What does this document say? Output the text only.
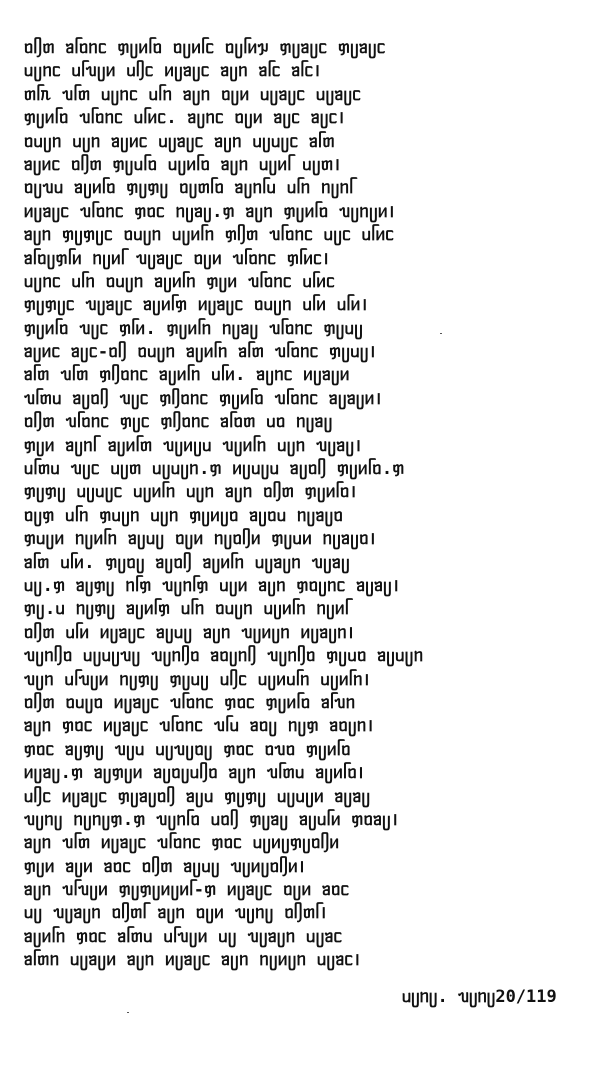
ᥝᥦᥖ ᥑᥬᥝᥒᥴ ᥞᥩᥢᥬᥝ ᥝᥩᥢᥬᥴ ᥝᥩᥬᥢᥭ ᥞᥩᥑᥩᥴ ᥞᥩᥑᥩᥴ
ᥙᥩᥒᥴ ᥙᥬᥔᥩᥢ ᥙᥦᥴ ᥢᥩᥑᥩᥴ ᥑᥩᥒ ᥑᥬᥴ ᥑᥬᥴ।
ᥖᥬᥰ ᥔᥬᥖ ᥙᥩᥒᥴ ᥙᥬᥒ ᥑᥩᥒ ᥝᥩᥢ ᥙᥩᥑᥩᥴ ᥙᥩᥑᥩᥴ
ᥞᥩᥢᥬᥝ ᥔᥬᥝᥒᥴ ᥙᥬᥢᥴ. ᥑᥩᥒᥴ ᥝᥩᥢ ᥑᥩᥴ ᥑᥩᥴ।
ᥝᥙᥩᥒ ᥙᥩᥒ ᥑᥩᥢᥴ ᥙᥩᥑᥩᥴ ᥑᥩᥒ ᥙᥩᥙᥩᥴ ᥑᥬᥖ
ᥑᥩᥢᥴ ᥝᥦᥖ ᥞᥩᥙᥬᥝ ᥙᥩᥢᥬᥝ ᥑᥩᥒ ᥙᥩᥢᥬ ᥙᥩᥖ।
ᥝᥩᥔᥙ ᥑᥩᥢᥬᥝ ᥞᥩᥞᥩ ᥝᥩᥖᥬᥝ ᥑᥩᥒᥬᥙ ᥙᥬᥒ ᥒᥩᥒᥬ
ᥢᥩᥑᥩᥴ ᥔᥬᥝᥒᥴ ᥞᥝᥴ ᥒᥩᥑᥩ.ᥞ ᥑᥩᥒ ᥞᥩᥢᥬᥝ ᥔᥩᥒᥩᥢ।
ᥑᥩᥒ ᥞᥩᥞᥩᥴ ᥝᥙᥩᥒ ᥙᥩᥢᥬᥒ ᥞᥦᥖ ᥔᥬᥝᥒᥴ ᥙᥩᥴ ᥙᥬᥢᥴ
ᥑᥬᥝᥩᥞᥬᥢ ᥒᥩᥢᥬ ᥔᥩᥑᥩᥴ ᥝᥩᥢ ᥔᥬᥝᥒᥴ ᥞᥬᥢᥴ।
ᥙᥩᥒᥴ ᥙᥬᥒ ᥝᥙᥩᥒ ᥑᥩᥢᥬᥒ ᥞᥩᥢ ᥔᥬᥝᥒᥴ ᥙᥬᥢᥴ
ᥞᥩᥞᥩᥴ ᥔᥩᥑᥩᥴ ᥑᥩᥢᥬᥞ ᥢᥩᥑᥩᥴ ᥝᥙᥩᥒ ᥙᥬᥢ ᥙᥬᥢ।
ᥞᥩᥢᥬᥝ ᥔᥩᥴ ᥞᥬᥢ. ᥞᥩᥢᥬᥒ ᥒᥩᥑᥩ ᥔᥬᥝᥒᥴ ᥞᥩᥙᥩ
ᥑᥩᥢᥴ ᥑᥩᥴ-ᥝᥦ ᥝᥙᥩᥒ ᥑᥩᥢᥬᥒ ᥑᥬᥖ ᥔᥬᥝᥒᥴ ᥞᥩᥙᥩ।
ᥑᥬᥖ ᥔᥬᥖ ᥞᥦᥝᥒᥴ ᥑᥩᥢᥬᥒ ᥙᥬᥢ. ᥑᥩᥒᥴ ᥢᥩᥑᥩᥢ
ᥔᥬᥖᥙ ᥑᥩᥝᥦ ᥔᥩᥴ ᥞᥦᥝᥒᥴ ᥞᥩᥢᥬᥝ ᥔᥬᥝᥒᥴ ᥑᥩᥑᥩᥢ।
ᥝᥦᥖ ᥔᥬᥝᥒᥴ ᥞᥩᥴ ᥞᥦᥝᥒᥴ ᥑᥬᥝᥖ ᥙᥝ ᥒᥩᥑᥩ
ᥞᥩᥢ ᥑᥩᥒᥬ ᥑᥩᥢᥬᥖ ᥔᥩᥢᥩᥙ ᥔᥩᥢᥬᥒ ᥙᥩᥒ ᥔᥩᥑᥩ।
ᥙᥬᥖᥙ ᥔᥩᥴ ᥙᥩᥖ ᥙᥩᥙᥩᥒ.ᥞ ᥢᥩᥙᥩᥙ ᥑᥩᥝᥦ ᥞᥩᥢᥬᥝ.ᥞ
ᥞᥩᥞᥩ ᥙᥩᥙᥩᥴ ᥙᥩᥢᥬᥒ ᥙᥩᥒ ᥑᥩᥒ ᥝᥦᥖ ᥞᥩᥢᥬᥝ।
ᥝᥩᥞ ᥙᥬᥒ ᥞᥙᥩᥒ ᥙᥩᥒ ᥞᥩᥢᥩᥝ ᥑᥩᥝᥙ ᥒᥩᥑᥩᥝ
ᥞᥙᥩᥢ ᥒᥩᥢᥬᥒ ᥑᥩᥙᥩ ᥝᥩᥢ ᥒᥩᥝᥦᥢ ᥞᥩᥙᥢ ᥒᥩᥑᥩᥝ।
ᥑᥬᥖ ᥙᥬᥢ. ᥞᥩᥝᥩ ᥑᥩᥝᥦ ᥑᥩᥢᥬᥒ ᥙᥩᥑᥩᥒ ᥔᥩᥑᥩ
ᥙᥩ.ᥞ ᥑᥩᥞᥩ ᥒᥬᥞ ᥔᥩᥒᥬᥞ ᥙᥩᥢ ᥑᥩᥒ ᥞᥝᥩᥒᥴ ᥑᥩᥑᥩ।
ᥞᥩ.ᥙ ᥒᥩᥞᥩ ᥑᥩᥢᥬᥞ ᥙᥬᥒ ᥝᥙᥩᥒ ᥙᥩᥢᥬᥒ ᥒᥩᥢᥬ
ᥝᥦᥖ ᥙᥬᥢ ᥢᥩᥑᥩᥴ ᥑᥩᥙᥩ ᥑᥩᥒ ᥔᥩᥢᥩᥒ ᥢᥩᥑᥩᥒ।
ᥔᥩᥒᥦᥝ ᥙᥩᥙᥩᥔᥩ ᥔᥩᥒᥦᥝ ᥑᥝᥩᥒᥦ ᥔᥩᥒᥦᥝ ᥞᥩᥙᥝ ᥑᥩᥙᥩᥒ
ᥔᥩᥒ ᥙᥬᥔᥩᥢ ᥒᥩᥞᥩ ᥞᥩᥙᥩ ᥙᥦᥴ ᥙᥩᥢᥙᥬᥒ ᥙᥩᥢᥬᥒ।
ᥝᥦᥖ ᥝᥙᥩᥝ ᥢᥩᥑᥩᥴ ᥔᥬᥝᥒᥴ ᥞᥝᥴ ᥞᥩᥢᥬᥝ ᥑᥬᥔᥒ
ᥑᥩᥒ ᥞᥝᥴ ᥢᥩᥑᥩᥴ ᥔᥬᥝᥒᥴ ᥔᥬᥙ ᥑᥝᥩ ᥒᥩᥞ ᥑᥝᥩᥒ।
ᥞᥝᥴ ᥑᥩᥞᥩ ᥔᥩᥙ ᥙᥩᥔᥩᥝᥩ ᥞᥝᥴ ᥝᥔᥝ ᥞᥩᥢᥬᥝ
ᥢᥩᥑᥩ.ᥞ ᥑᥩᥞᥩᥢ ᥑᥩᥝᥩᥙᥦᥝ ᥑᥩᥒ ᥔᥬᥖᥙ ᥑᥩᥢᥬᥝ।
ᥙᥦᥴ ᥢᥩᥑᥩᥴ ᥞᥩᥑᥩᥝᥦ ᥑᥩᥙ ᥞᥩᥞᥩ ᥙᥩᥙᥩᥢ ᥑᥩᥑᥩ
ᥔᥩᥒᥩ ᥒᥩᥒᥩᥞ.ᥞ ᥔᥩᥒᥬᥝ ᥙᥝᥦ ᥞᥩᥑᥩ ᥑᥩᥙᥬᥢ ᥞᥝᥑᥩ।
ᥑᥩᥒ ᥔᥬᥖ ᥢᥩᥑᥩᥴ ᥔᥬᥝᥒᥴ ᥞᥝᥴ ᥙᥩᥢᥩᥞᥩᥝᥦᥢ
ᥞᥩᥢ ᥑᥩᥢ ᥑᥝᥴ ᥝᥦᥖ ᥑᥩᥙᥩ ᥔᥩᥢᥩᥝᥦᥢ।
ᥑᥩᥒ ᥔᥬᥔᥩᥢ ᥞᥩᥞᥩᥢᥩᥢᥬ-ᥞ ᥢᥩᥑᥩᥴ ᥝᥩᥢ ᥑᥝᥴ
ᥙᥩ ᥔᥩᥑᥩᥒ ᥝᥦᥖᥬ ᥑᥩᥒ ᥝᥩᥢ ᥔᥩᥒᥩ ᥝᥦᥖᥬ।
ᥑᥩᥢᥬᥒ ᥞᥝᥴ ᥑᥬᥖᥙ ᥙᥬᥔᥩᥢ ᥙᥩ ᥔᥩᥑᥩᥒ ᥙᥩᥑᥴ
ᥑᥬᥖᥒ ᥙᥩᥑᥩᥢ ᥑᥩᥒ ᥢᥩᥑᥩᥴ ᥑᥩᥒ ᥒᥩᥢᥩᥒ ᥙᥩᥑᥴ।
ᥙᥩᥒᥩ. ᥔᥩᥒᥩ20/119
